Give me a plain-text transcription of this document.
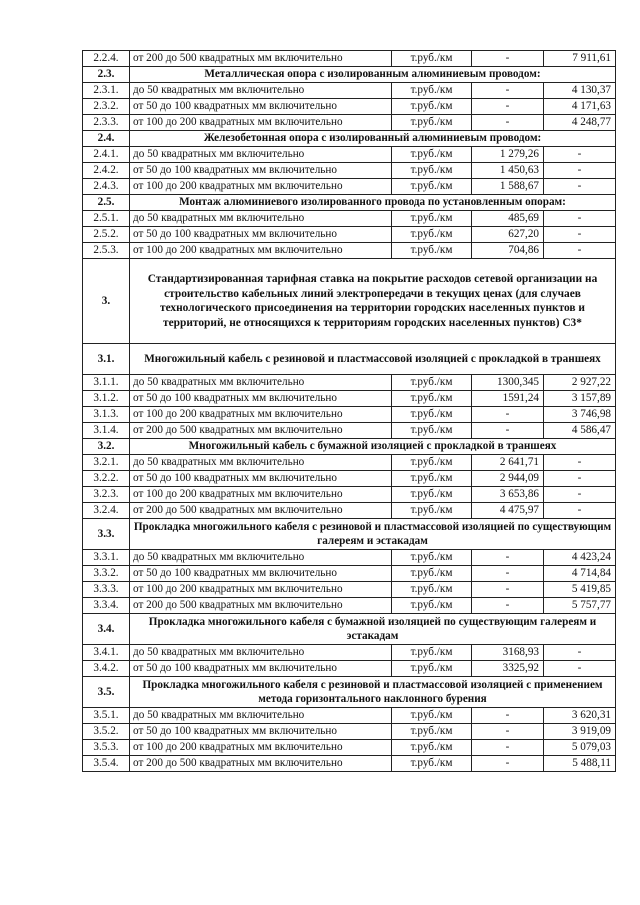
2.2.4.	от 200 до 500 квадратных мм включительно	т.руб./км	-	7 911,61
2.3.	Металлическая опора с изолированным алюминиевым проводом:			
2.3.1.	до 50 квадратных мм включительно	т.руб./км	-	4 130,37
2.3.2.	от 50 до 100 квадратных мм включительно	т.руб./км	-	4 171,63
2.3.3.	от 100 до 200 квадратных мм включительно	т.руб./км	-	4 248,77
2.4.	Железобетонная опора с изолированный алюминиевым проводом:			
2.4.1.	до 50 квадратных мм включительно	т.руб./км	1 279,26	-
2.4.2.	от 50 до 100 квадратных мм включительно	т.руб./км	1 450,63	-
2.4.3.	от 100 до 200 квадратных мм включительно	т.руб./км	1 588,67	-
2.5.	Монтаж алюминиевого изолированного провода по установленным опорам:			
2.5.1.	до 50 квадратных мм включительно	т.руб./км	485,69	-
2.5.2.	от 50 до 100 квадратных мм включительно	т.руб./км	627,20	-
2.5.3.	от 100 до 200 квадратных мм включительно	т.руб./км	704,86	-
3.	Стандартизированная тарифная ставка на покрытие расходов сетевой организации на строительство кабельных линий электропередачи в текущих ценах (для случаев технологического присоединения на территории городских населенных пунктов и территорий, не относящихся к территориям городских населенных пунктов) С3*			
3.1.	Многожильный кабель с резиновой и пластмассовой изоляцией с прокладкой в траншеях			
3.1.1.	до 50 квадратных мм включительно	т.руб./км	1300,345	2 927,22
3.1.2.	от 50 до 100 квадратных мм включительно	т.руб./км	1591,24	3 157,89
3.1.3.	от 100 до 200 квадратных мм включительно	т.руб./км	-	3 746,98
3.1.4.	от 200 до 500 квадратных мм включительно	т.руб./км	-	4 586,47
3.2.	Многожильный кабель с бумажной изоляцией с прокладкой в траншеях			
3.2.1.	до 50 квадратных мм включительно	т.руб./км	2 641,71	-
3.2.2.	от 50 до 100 квадратных мм включительно	т.руб./км	2 944,09	-
3.2.3.	от 100 до 200 квадратных мм включительно	т.руб./км	3 653,86	-
3.2.4.	от 200 до 500 квадратных мм включительно	т.руб./км	4 475,97	-
3.3.	Прокладка многожильного кабеля с резиновой и пластмассовой изоляцией по существующим галереям и эстакадам			
3.3.1.	до 50 квадратных мм включительно	т.руб./км	-	4 423,24
3.3.2.	от 50 до 100 квадратных мм включительно	т.руб./км	-	4 714,84
3.3.3.	от 100 до 200 квадратных мм включительно	т.руб./км	-	5 419,85
3.3.4.	от 200 до 500 квадратных мм включительно	т.руб./км	-	5 757,77
3.4.	Прокладка многожильного кабеля с бумажной изоляцией по существующим галереям и эстакадам			
3.4.1.	до 50 квадратных мм включительно	т.руб./км	3168,93	-
3.4.2.	от 50 до 100 квадратных мм включительно	т.руб./км	3325,92	-
3.5.	Прокладка многожильного кабеля с резиновой и пластмассовой изоляцией с применением метода горизонтального наклонного бурения			
3.5.1.	до 50 квадратных мм включительно	т.руб./км	-	3 620,31
3.5.2.	от 50 до 100 квадратных мм включительно	т.руб./км	-	3 919,09
3.5.3.	от 100 до 200 квадратных мм включительно	т.руб./км	-	5 079,03
3.5.4.	от 200 до 500 квадратных мм включительно	т.руб./км	-	5 488,11
